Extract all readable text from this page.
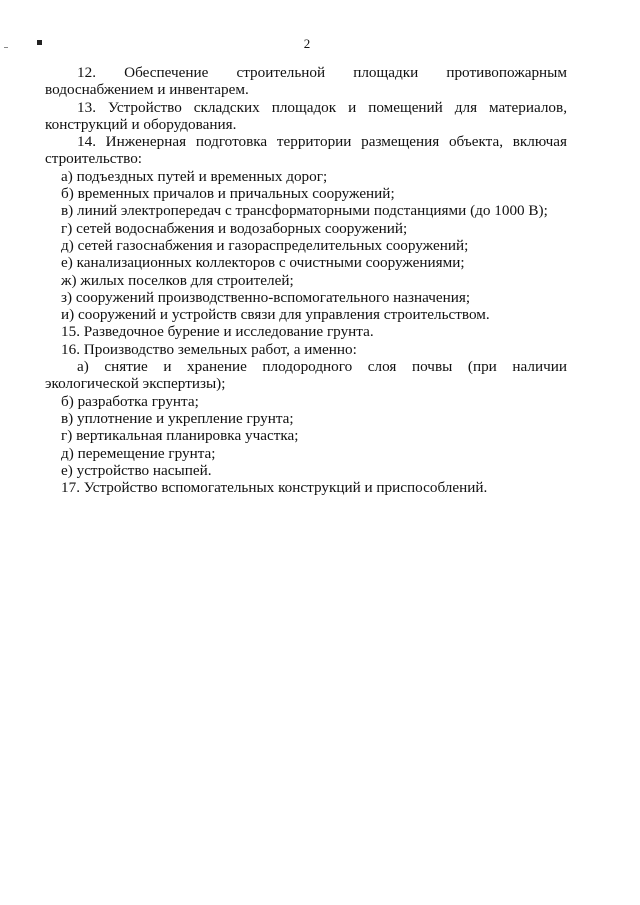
2

12. Обеспечение строительной площадки противопожарным водоснабжением и инвентарем.

13. Устройство складских площадок и помещений для материалов, конструкций и оборудования.

14. Инженерная подготовка территории размещения объекта, включая строительство:

а) подъездных путей и временных дорог;

б) временных причалов и причальных сооружений;

в) линий электропередач с трансформаторными подстанциями (до 1000 В);

г) сетей водоснабжения и водозаборных сооружений;

д) сетей газоснабжения и газораспределительных сооружений;

е) канализационных коллекторов с очистными сооружениями;

ж) жилых поселков для строителей;

з) сооружений производственно-вспомогательного назначения;

и) сооружений и устройств связи для управления строительством.

15. Разведочное бурение и исследование грунта.

16. Производство земельных работ, а именно:

а) снятие и хранение плодородного слоя почвы (при наличии экологической экспертизы);

б) разработка грунта;

в) уплотнение и укрепление грунта;

г) вертикальная планировка участка;

д) перемещение грунта;

е) устройство насыпей.

17. Устройство вспомогательных конструкций и приспособлений.
